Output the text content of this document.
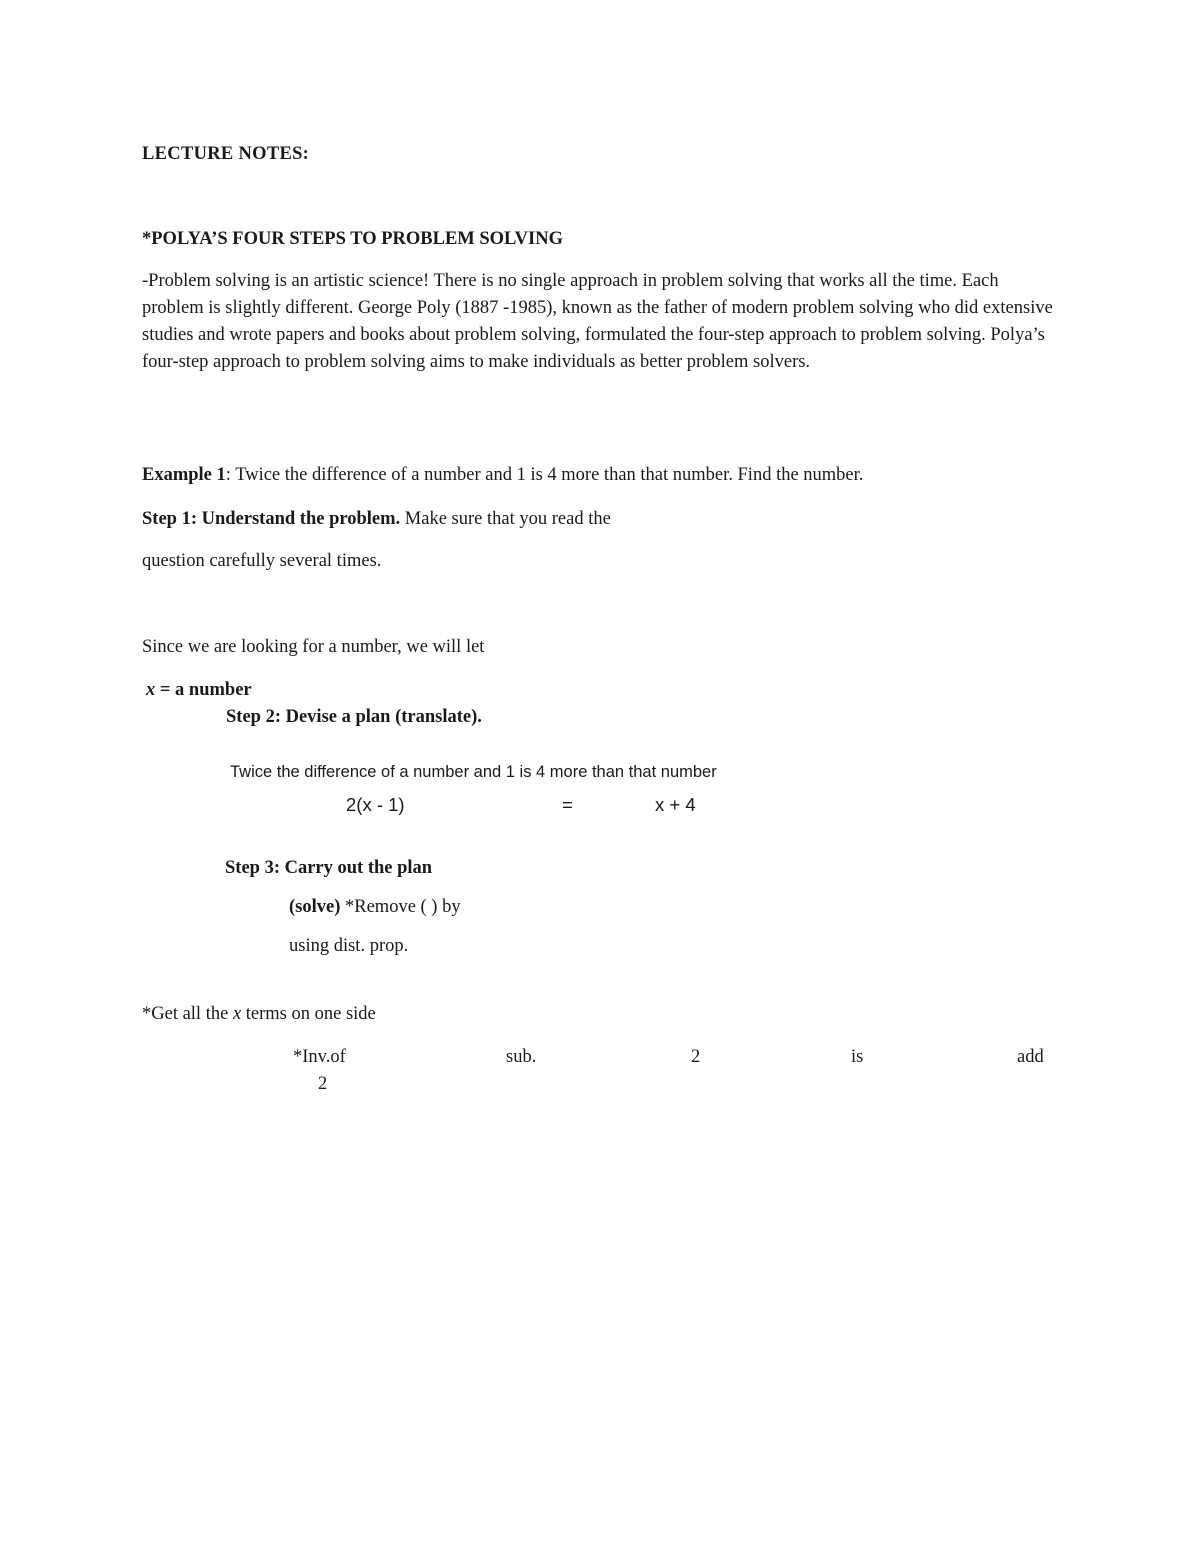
LECTURE NOTES:
*POLYA’S FOUR STEPS TO PROBLEM SOLVING

-Problem solving is an artistic science! There is no single approach in problem solving that works all the time. Each problem is slightly different. George Poly (1887 -1985), known as the father of modern problem solving who did extensive studies and wrote papers and books about problem solving, formulated the four-step approach to problem solving. Polya’s four-step approach to problem solving aims to make individuals as better problem solvers.

Example 1: Twice the difference of a number and 1 is 4 more than that number. Find the number.
Step 1: Understand the problem. Make sure that you read the
question carefully several times.
Since we are looking for a number, we will let
x = a number
Step 2: Devise a plan (translate).
Twice the difference of a number and 1 is 4 more than that number
2(x - 1)	=	x + 4
Step 3: Carry out the plan
(solve) *Remove ( ) by
using dist. prop.
*Get all the x terms on one side
*Inv.of	sub.	2	is	add
2
